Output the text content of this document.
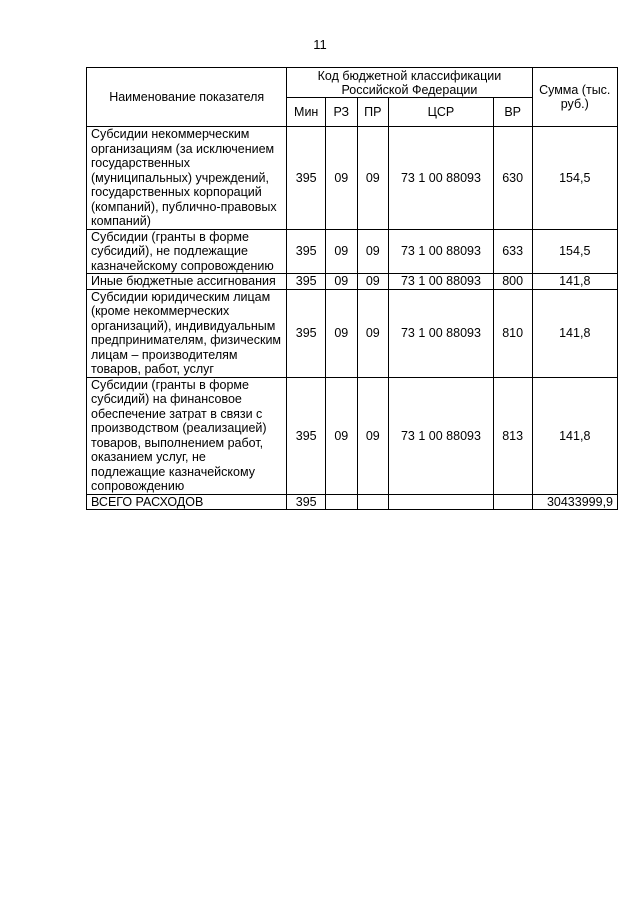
11
Наименование показателя	Код бюджетной классификации Российской Федерации					Сумма (тыс. руб.)
	Мин	РЗ	ПР	ЦСР	ВР	
Субсидии некоммерческим организациям (за исключением государственных (муниципальных) учреждений, государственных корпораций (компаний), публично-правовых компаний)	395	09	09	73 1 00 88093	630	154,5
Субсидии (гранты в форме субсидий), не подлежащие казначейскому сопровождению	395	09	09	73 1 00 88093	633	154,5
Иные бюджетные ассигнования	395	09	09	73 1 00 88093	800	141,8
Субсидии юридическим лицам (кроме некоммерческих организаций), индивидуальным предпринимателям, физическим лицам – производителям товаров, работ, услуг	395	09	09	73 1 00 88093	810	141,8
Субсидии (гранты в форме субсидий) на финансовое обеспечение затрат в связи с производством (реализацией) товаров, выполнением работ, оказанием услуг, не подлежащие казначейскому сопровождению	395	09	09	73 1 00 88093	813	141,8
ВСЕГО РАСХОДОВ	395					30433999,9
